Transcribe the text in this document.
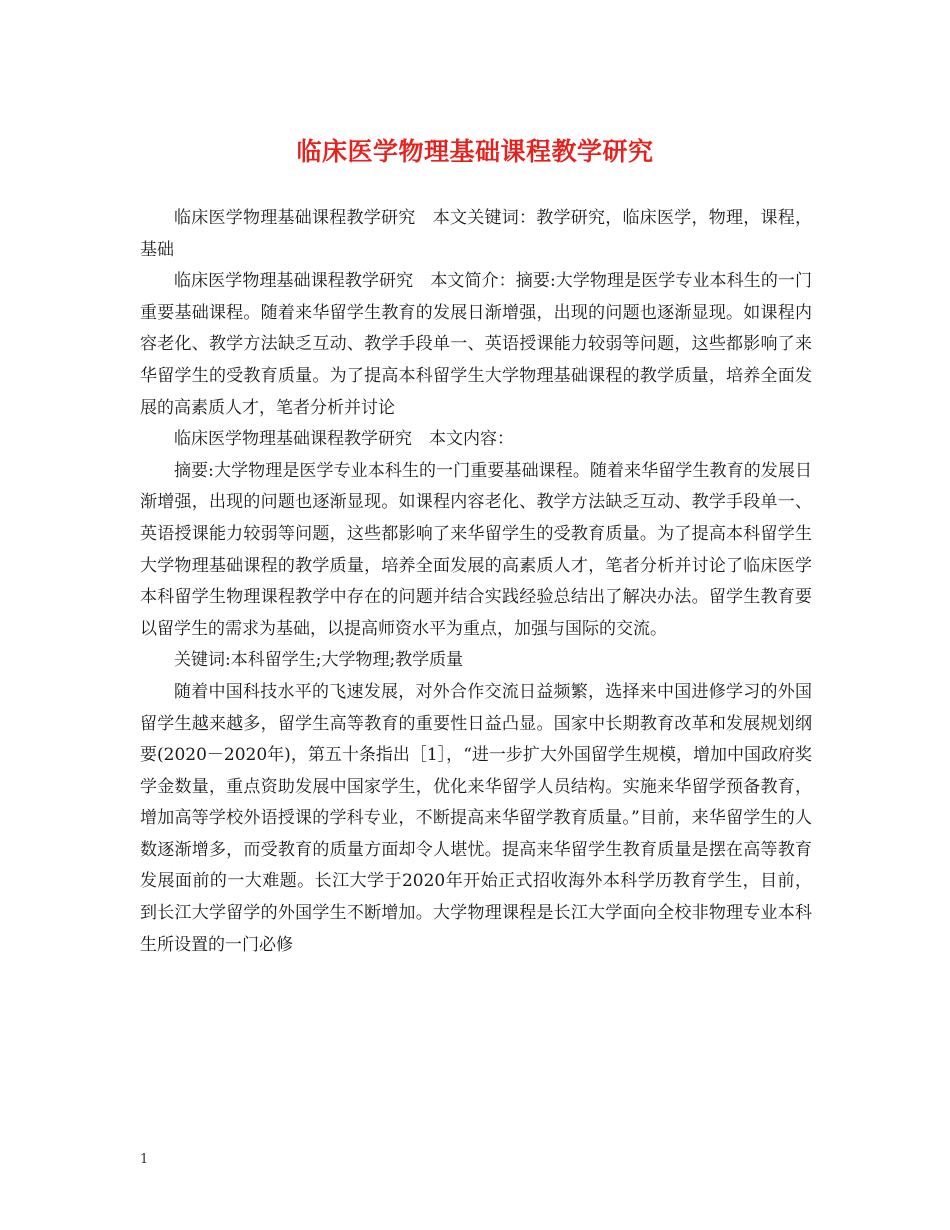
临床医学物理基础课程教学研究

临床医学物理基础课程教学研究　本文关键词：教学研究，临床医学，物理，课程，基础

临床医学物理基础课程教学研究　本文简介：摘要:大学物理是医学专业本科生的一门重要基础课程。随着来华留学生教育的发展日渐增强，出现的问题也逐渐显现。如课程内容老化、教学方法缺乏互动、教学手段单一、英语授课能力较弱等问题，这些都影响了来华留学生的受教育质量。为了提高本科留学生大学物理基础课程的教学质量，培养全面发展的高素质人才，笔者分析并讨论

临床医学物理基础课程教学研究　本文内容：

摘要:大学物理是医学专业本科生的一门重要基础课程。随着来华留学生教育的发展日渐增强，出现的问题也逐渐显现。如课程内容老化、教学方法缺乏互动、教学手段单一、英语授课能力较弱等问题，这些都影响了来华留学生的受教育质量。为了提高本科留学生大学物理基础课程的教学质量，培养全面发展的高素质人才，笔者分析并讨论了临床医学本科留学生物理课程教学中存在的问题并结合实践经验总结出了解决办法。留学生教育要以留学生的需求为基础，以提高师资水平为重点，加强与国际的交流。

关键词:本科留学生;大学物理;教学质量

随着中国科技水平的飞速发展，对外合作交流日益频繁，选择来中国进修学习的外国留学生越来越多，留学生高等教育的重要性日益凸显。国家中长期教育改革和发展规划纲要(2020－2020年)，第五十条指出［1］，“进一步扩大外国留学生规模，增加中国政府奖学金数量，重点资助发展中国家学生，优化来华留学人员结构。实施来华留学预备教育，增加高等学校外语授课的学科专业，不断提高来华留学教育质量。”目前，来华留学生的人数逐渐增多，而受教育的质量方面却令人堪忧。提高来华留学生教育质量是摆在高等教育发展面前的一大难题。长江大学于2020年开始正式招收海外本科学历教育学生，目前，到长江大学留学的外国学生不断增加。大学物理课程是长江大学面向全校非物理专业本科生所设置的一门必修

1
